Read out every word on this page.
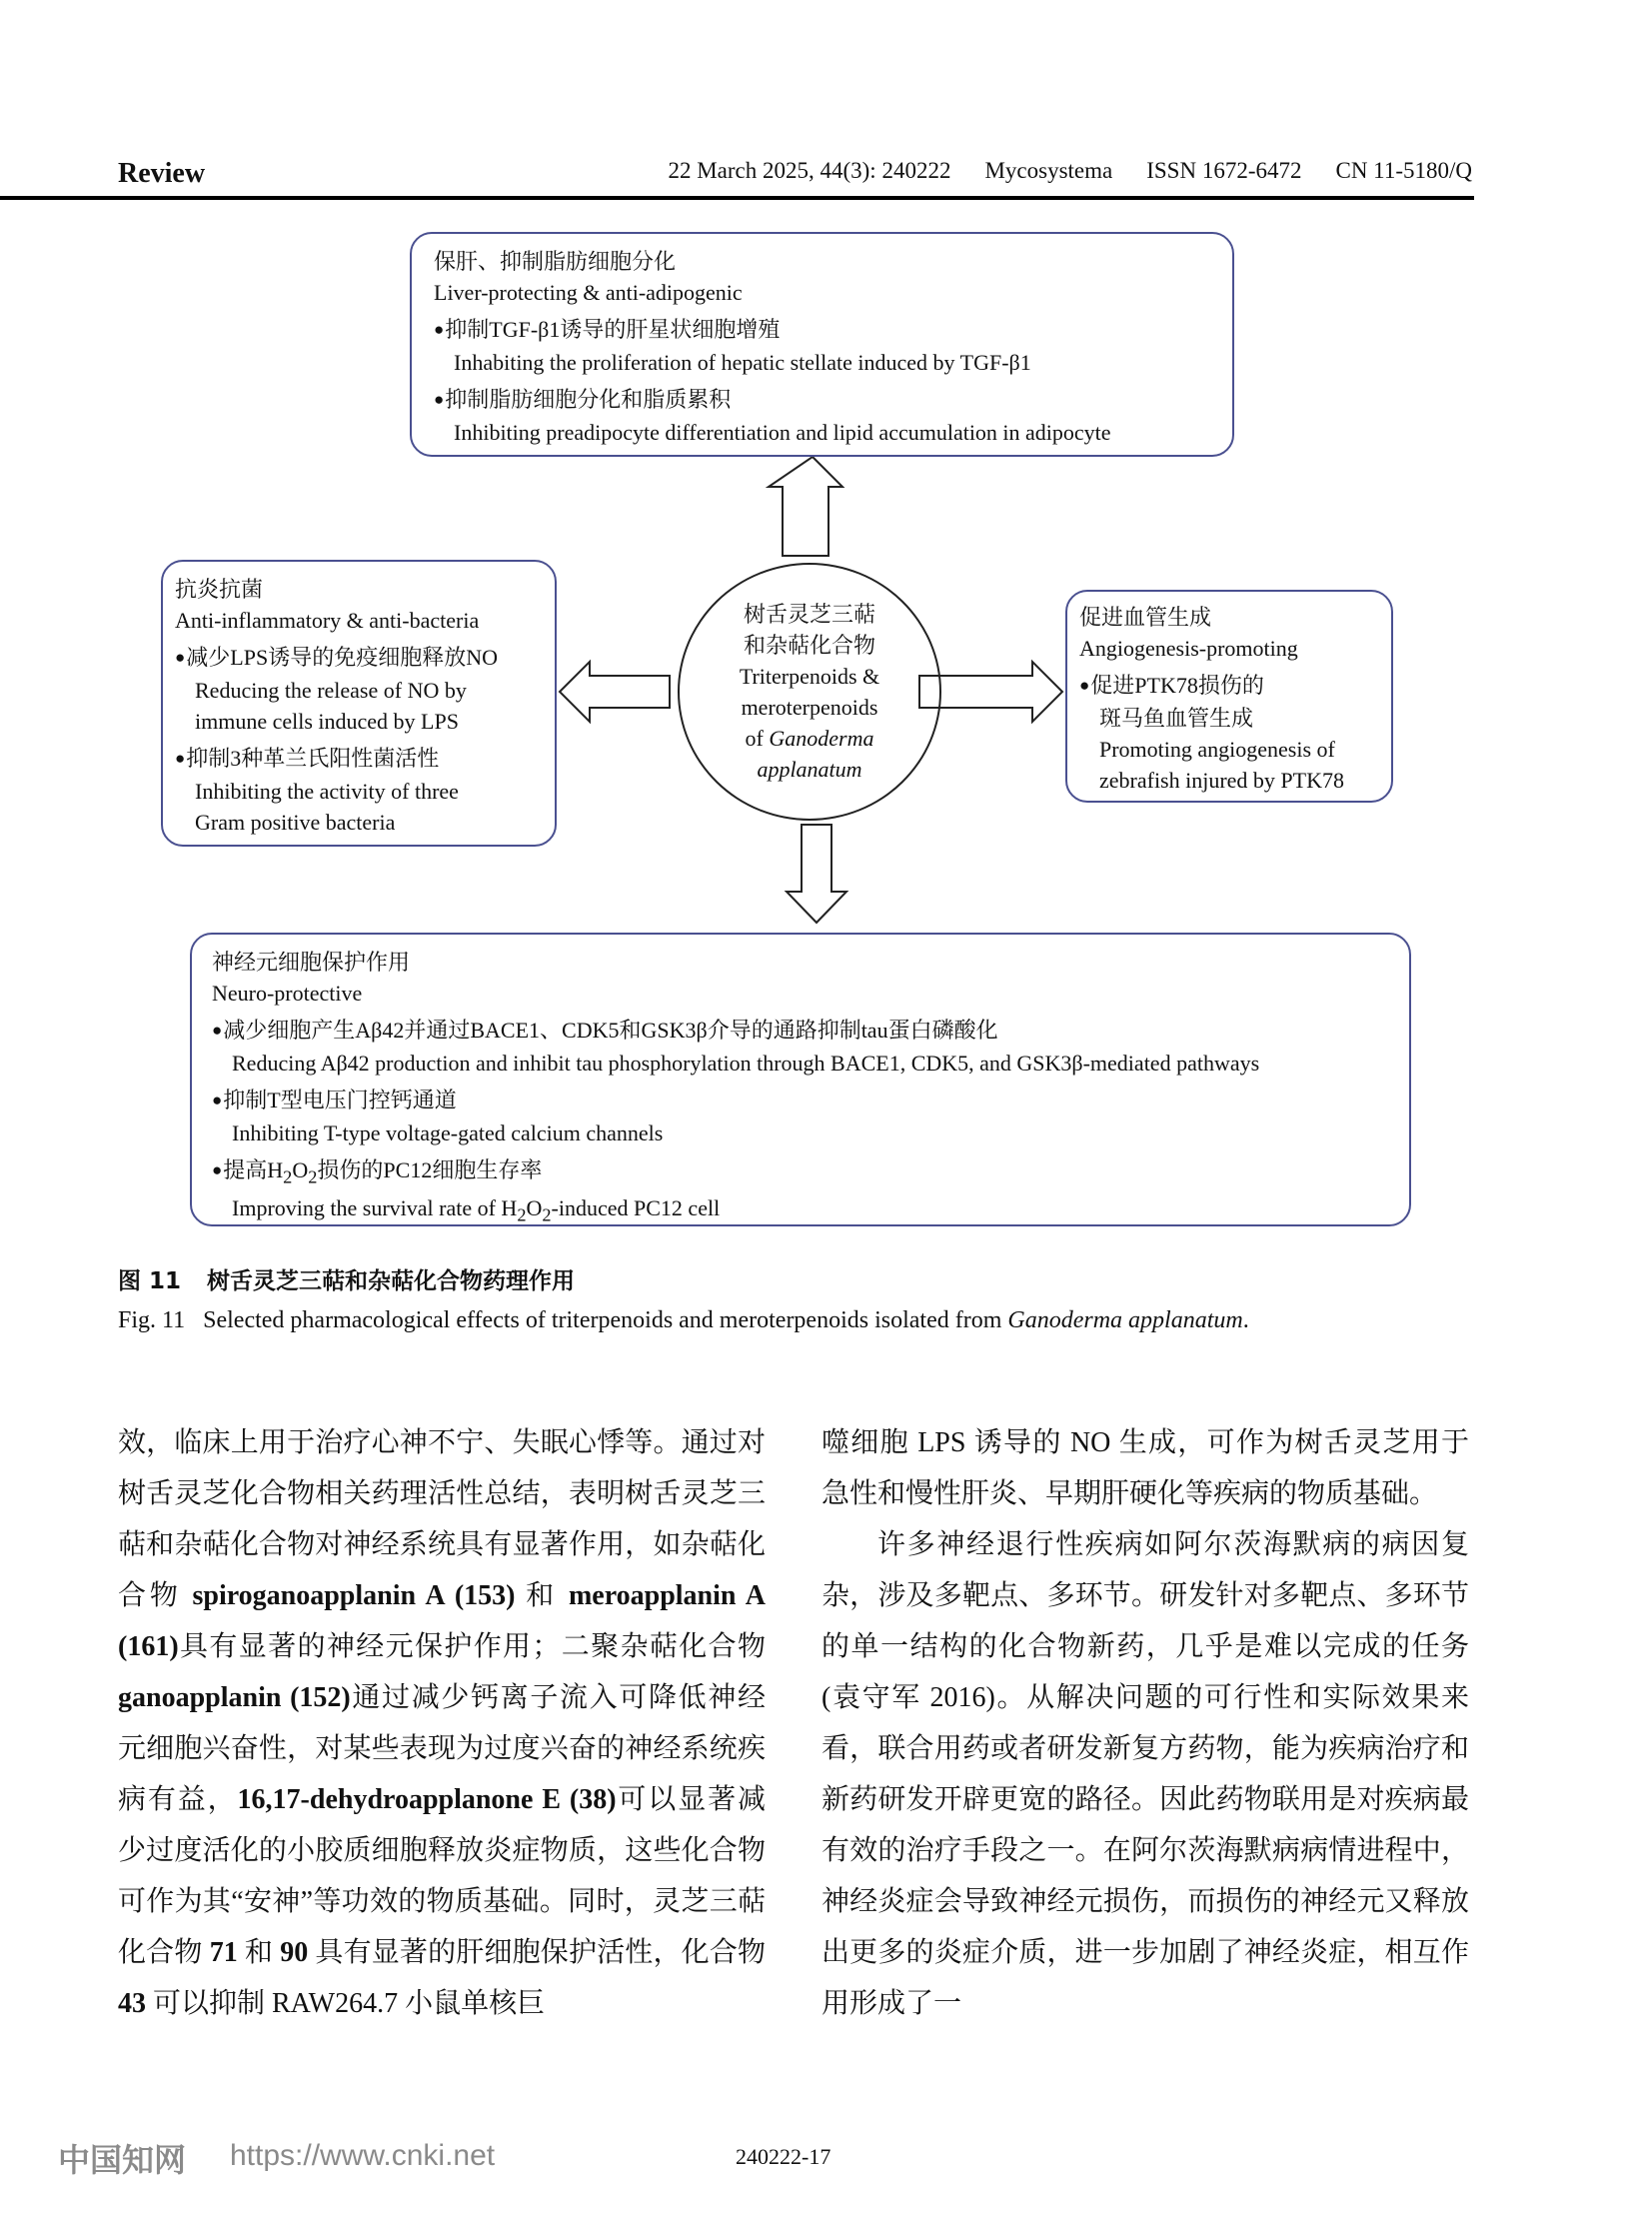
Review	22 March 2025, 44(3): 240222 Mycosystema ISSN 1672-6472 CN 11-5180/Q
保肝、抑制脂肪细胞分化
Liver-protecting & anti-adipogenic
● 抑制TGF-β1诱导的肝星状细胞增殖
Inhabiting the proliferation of hepatic stellate induced by TGF-β1
● 抑制脂肪细胞分化和脂质累积
Inhibiting preadipocyte differentiation and lipid accumulation in adipocyte
抗炎抗菌
Anti-inflammatory & anti-bacteria
● 减少LPS诱导的免疫细胞释放NO
Reducing the release of NO by
immune cells induced by LPS
● 抑制3种革兰氏阳性菌活性
Inhibiting the activity of three
Gram positive bacteria
树舌灵芝三萜
和杂萜化合物
Triterpenoids &
meroterpenoids
of Ganoderma
applanatum
促进血管生成
Angiogenesis-promoting
● 促进PTK78损伤的
斑马鱼血管生成
Promoting angiogenesis of
zebrafish injured by PTK78
神经元细胞保护作用
Neuro-protective
● 减少细胞产生Aβ42并通过BACE1、CDK5和GSK3β介导的通路抑制tau蛋白磷酸化
Reducing Aβ42 production and inhibit tau phosphorylation through BACE1, CDK5, and GSK3β-mediated pathways
● 抑制T型电压门控钙通道
Inhibiting T-type voltage-gated calcium channels
● 提高$H_2O_2$损伤的PC12细胞生存率
Improving the survival rate of $H_2O_2$-induced PC12 cell
图 11 树舌灵芝三萜和杂萜化合物药理作用
Fig. 11   Selected pharmacological effects of triterpenoids and meroterpenoids isolated from Ganoderma applanatum.

效，临床上用于治疗心神不宁、失眠心悸等。通过对树舌灵芝化合物相关药理活性总结，表明树舌灵芝三萜和杂萜化合物对神经系统具有显著作用，如杂萜化合物 spiroganoapplanin A (153) 和 meroapplanin A (161)具有显著的神经元保护作用；二聚杂萜化合物 ganoapplanin (152)通过减少钙离子流入可降低神经元细胞兴奋性，对某些表现为过度兴奋的神经系统疾病有益，16,17-dehydroapplanone E (38)可以显著减少过度活化的小胶质细胞释放炎症物质，这些化合物可作为其“安神”等功效的物质基础。同时，灵芝三萜化合物 71 和 90 具有显著的肝细胞保护活性，化合物 43 可以抑制 RAW264.7 小鼠单核巨

噬细胞 LPS 诱导的 NO 生成，可作为树舌灵芝用于急性和慢性肝炎、早期肝硬化等疾病的物质基础。

许多神经退行性疾病如阿尔茨海默病的病因复杂，涉及多靶点、多环节。研发针对多靶点、多环节的单一结构的化合物新药，几乎是难以完成的任务(袁守军 2016)。从解决问题的可行性和实际效果来看，联合用药或者研发新复方药物，能为疾病治疗和新药研发开辟更宽的路径。因此药物联用是对疾病最有效的治疗手段之一。在阿尔茨海默病病情进程中，神经炎症会导致神经元损伤，而损伤的神经元又释放出更多的炎症介质，进一步加剧了神经炎症，相互作用形成了一

中国知网 https://www.cnki.net	240222-17
